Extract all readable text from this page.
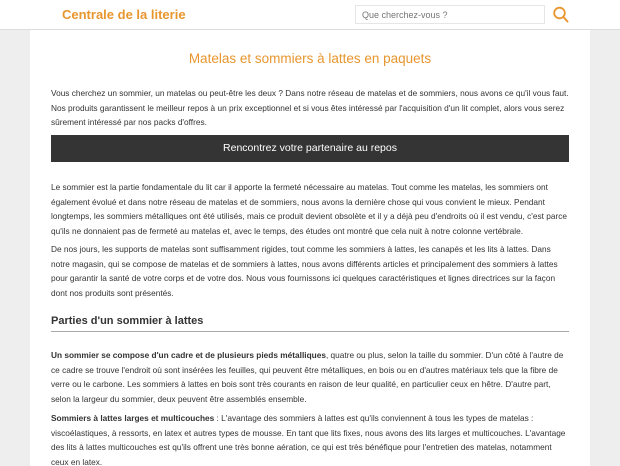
Centrale de la literie
Que cherchez-vous ?
Matelas et sommiers à lattes en paquets

Vous cherchez un sommier, un matelas ou peut-être les deux ? Dans notre réseau de matelas et de sommiers, nous avons ce qu'il vous faut. Nos produits garantissent le meilleur repos à un prix exceptionnel et si vous êtes intéressé par l'acquisition d'un lit complet, alors vous serez sûrement intéressé par nos packs d'offres.

Rencontrez votre partenaire au repos

Le sommier est la partie fondamentale du lit car il apporte la fermeté nécessaire au matelas. Tout comme les matelas, les sommiers ont également évolué et dans notre réseau de matelas et de sommiers, nous avons la dernière chose qui vous convient le mieux. Pendant longtemps, les sommiers métalliques ont été utilisés, mais ce produit devient obsolète et il y a déjà peu d'endroits où il est vendu, c'est parce qu'ils ne donnaient pas de fermeté au matelas et, avec le temps, des études ont montré que cela nuit à notre colonne vertébrale.

De nos jours, les supports de matelas sont suffisamment rigides, tout comme les sommiers à lattes, les canapés et les lits à lattes. Dans notre magasin, qui se compose de matelas et de sommiers à lattes, nous avons différents articles et principalement des sommiers à lattes pour garantir la santé de votre corps et de votre dos. Nous vous fournissons ici quelques caractéristiques et lignes directrices sur la façon dont nos produits sont présentés.

Parties d'un sommier à lattes

Un sommier se compose d'un cadre et de plusieurs pieds métalliques, quatre ou plus, selon la taille du sommier. D'un côté à l'autre de ce cadre se trouve l'endroit où sont insérées les feuilles, qui peuvent être métalliques, en bois ou en d'autres matériaux tels que la fibre de verre ou le carbone. Les sommiers à lattes en bois sont très courants en raison de leur qualité, en particulier ceux en hêtre. D'autre part, selon la largeur du sommier, deux peuvent être assemblés ensemble.

Sommiers à lattes larges et multicouches : L'avantage des sommiers à lattes est qu'ils conviennent à tous les types de matelas : viscoélastiques, à ressorts, en latex et autres types de mousse. En tant que lits fixes, nous avons des lits larges et multicouches. L'avantage des lits à lattes multicouches est qu'ils offrent une très bonne aération, ce qui est très bénéfique pour l'entretien des matelas, notamment ceux en latex.
